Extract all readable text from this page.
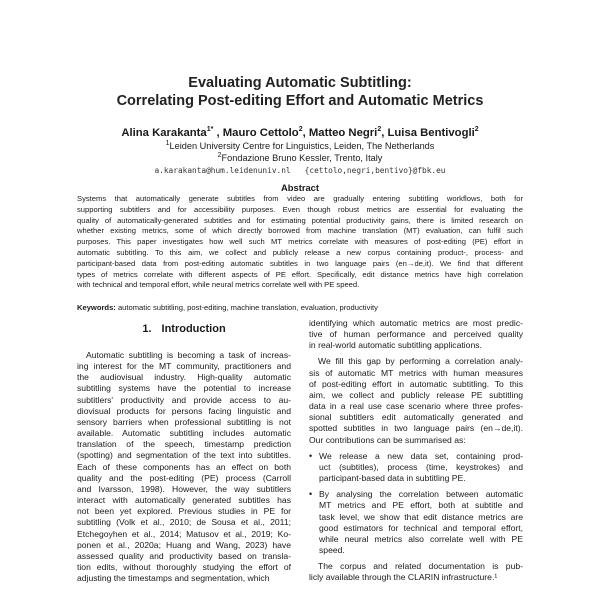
Evaluating Automatic Subtitling:
Correlating Post-editing Effort and Automatic Metrics
Alina Karakanta$^{1*}$ , Mauro Cettolo$^2$, Matteo Negri$^2$, Luisa Bentivogli$^2$
$^1$Leiden University Centre for Linguistics, Leiden, The Netherlands
$^2$Fondazione Bruno Kessler, Trento, Italy
a.karakanta@hum.leidenuniv.nl   {cettolo,negri,bentivo}@fbk.eu
Abstract
Systems that automatically generate subtitles from video are gradually entering subtitling workflows, both for
supporting subtitlers and for accessibility purposes. Even though robust metrics are essential for evaluating the
quality of automatically-generated subtitles and for estimating potential productivity gains, there is limited research on
whether existing metrics, some of which directly borrowed from machine translation (MT) evaluation, can fulfil such
purposes. This paper investigates how well such MT metrics correlate with measures of post-editing (PE) effort in
automatic subtitling. To this aim, we collect and publicly release a new corpus containing product-, process- and
participant-based data from post-editing automatic subtitles in two language pairs (en→de,it). We find that different
types of metrics correlate with different aspects of PE effort. Specifically, edit distance metrics have high correlation
with technical and temporal effort, while neural metrics correlate well with PE speed.
Keywords: automatic subtitling, post-editing, machine translation, evaluation, productivity
1. Introduction
Automatic subtitling is becoming a task of increas-
ing interest for the MT community, practitioners and
the audiovisual industry. High-quality automatic
subtitling systems have the potential to increase
subtitlers' productivity and provide access to au-
diovisual products for persons facing linguistic and
sensory barriers when professional subtitling is not
available. Automatic subtitling includes automatic
translation of the speech, timestamp prediction
(spotting) and segmentation of the text into subtitles.
Each of these components has an effect on both
quality and the post-editing (PE) process (Carroll
and Ivarsson, 1998). However, the way subtitlers
interact with automatically generated subtitles has
not been yet explored. Previous studies in PE for
subtitling (Volk et al., 2010; de Sousa et al., 2011;
Etchegoyhen et al., 2014; Matusov et al., 2019; Ko-
ponen et al., 2020a; Huang and Wang, 2023) have
assessed quality and productivity based on transla-
tion edits, without thoroughly studying the effort of
adjusting the timestamps and segmentation, which
identifying which automatic metrics are most predic-
tive of human performance and perceived quality
in real-world automatic subtitling applications.
We fill this gap by performing a correlation analy-
sis of automatic MT metrics with human measures
of post-editing effort in automatic subtitling. To this
aim, we collect and publicly release PE subtitling
data in a real use case scenario where three profes-
sional subtitlers edit automatically generated and
spotted subtitles in two language pairs (en→de,it).
Our contributions can be summarised as:
• We release a new data set, containing prod-
uct (subtitles), process (time, keystrokes) and
participant-based data in subtitling PE.
• By analysing the correlation between automatic
MT metrics and PE effort, both at subtitle and
task level, we show that edit distance metrics are
good estimators for technical and temporal effort,
while neural metrics also correlate well with PE
speed.
The corpus and related documentation is pub-
licly available through the CLARIN infrastructure.¹
